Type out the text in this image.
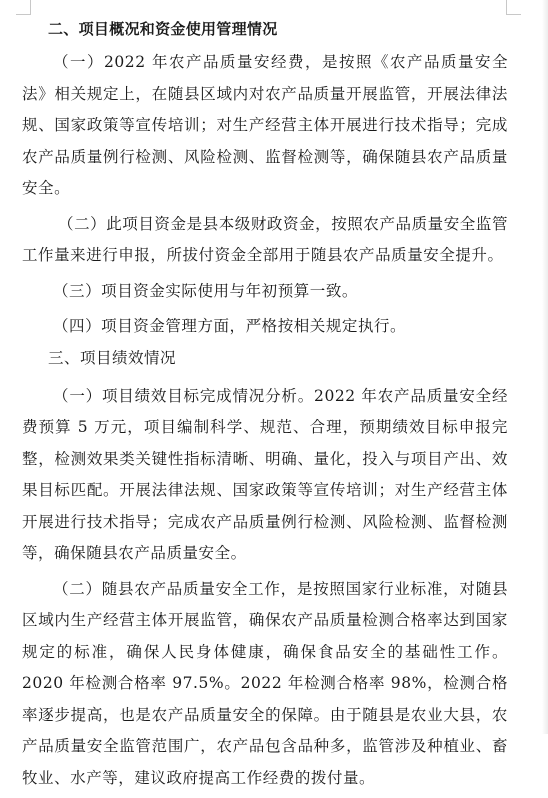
二、项目概况和资金使用管理情况

（一）2022 年农产品质量安经费，是按照《农产品质量安全法》相关规定上，在随县区域内对农产品质量开展监管，开展法律法规、国家政策等宣传培训；对生产经营主体开展进行技术指导；完成农产品质量例行检测、风险检测、监督检测等，确保随县农产品质量安全。

（二）此项目资金是县本级财政资金，按照农产品质量安全监管工作量来进行申报，所拔付资金全部用于随县农产品质量安全提升。

（三）项目资金实际使用与年初预算一致。

（四）项目资金管理方面，严格按相关规定执行。

三、项目绩效情况

（一）项目绩效目标完成情况分析。2022 年农产品质量安全经费预算 5 万元，项目编制科学、规范、合理，预期绩效目标申报完整，检测效果类关键性指标清晰、明确、量化，投入与项目产出、效果目标匹配。开展法律法规、国家政策等宣传培训；对生产经营主体开展进行技术指导；完成农产品质量例行检测、风险检测、监督检测等，确保随县农产品质量安全。

（二）随县农产品质量安全工作，是按照国家行业标准，对随县区域内生产经营主体开展监管，确保农产品质量检测合格率达到国家规定的标准，确保人民身体健康，确保食品安全的基础性工作。2020 年检测合格率 97.5%。2022 年检测合格率 98%，检测合格率逐步提高，也是农产品质量安全的保障。由于随县是农业大县，农产品质量安全监管范围广，农产品包含品种多，监管涉及种植业、畜牧业、水产等，建议政府提高工作经费的拨付量。
